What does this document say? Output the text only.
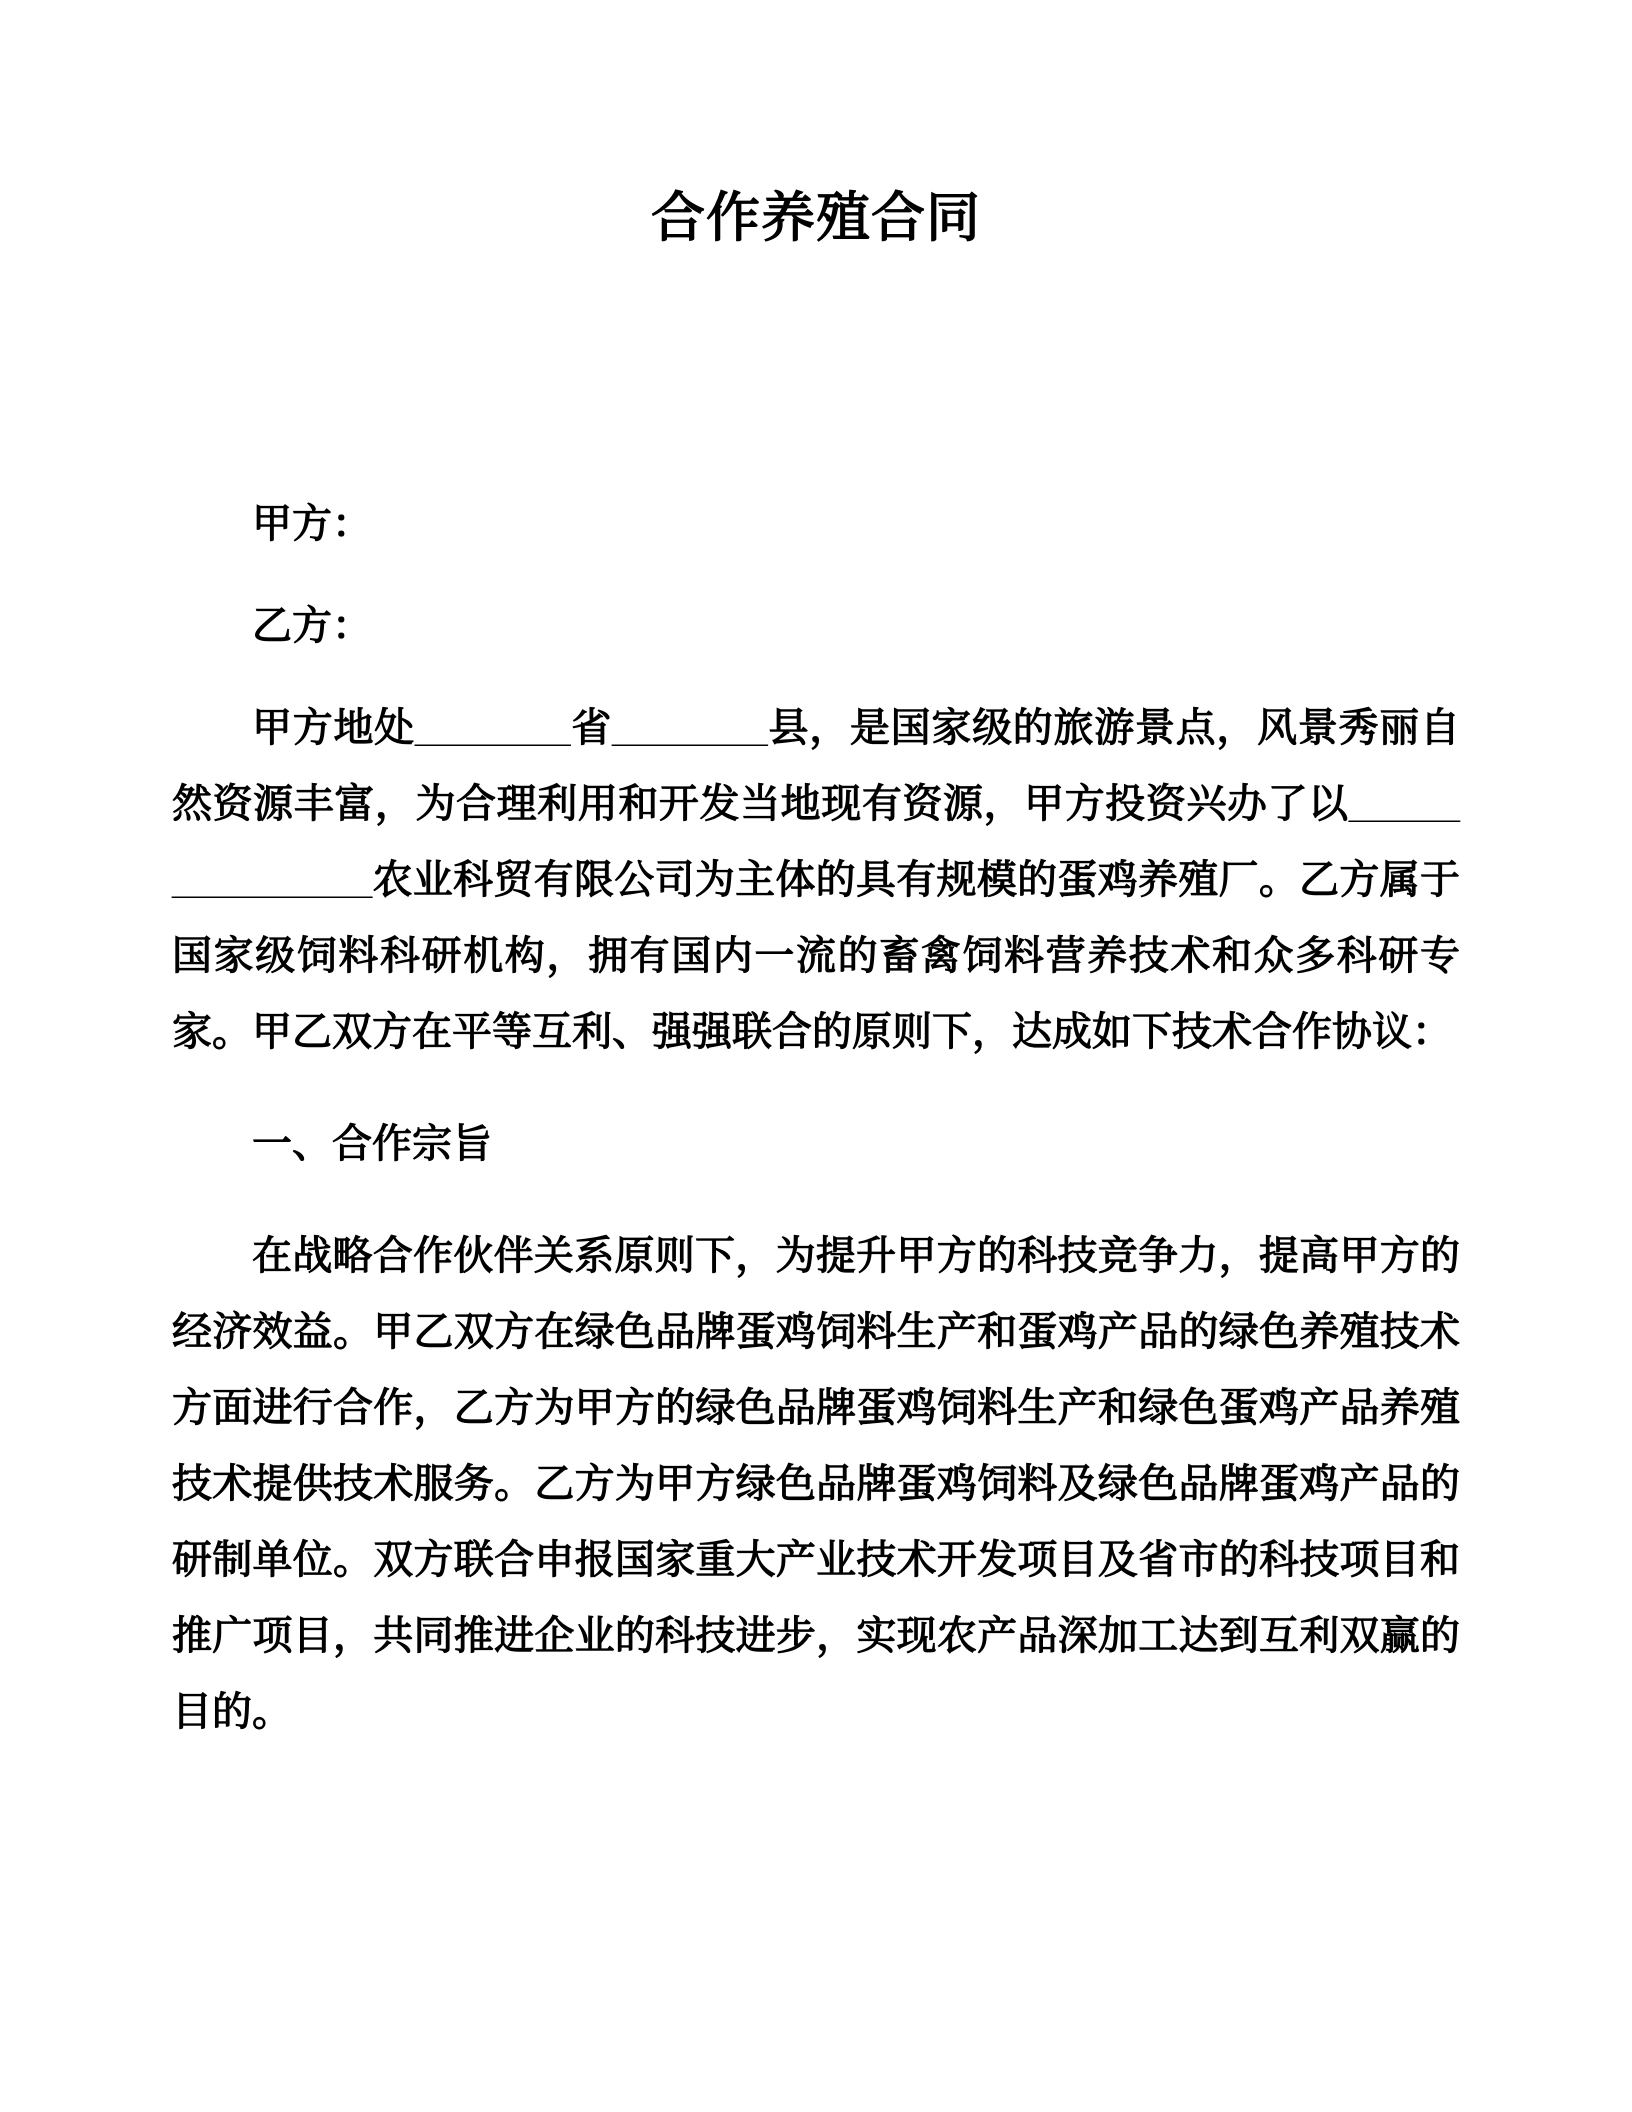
合作养殖合同

甲方：

乙方：

甲方地处_______省_______县，是国家级的旅游景点，风景秀丽自然资源丰富，为合理利用和开发当地现有资源，甲方投资兴办了以______________农业科贸有限公司为主体的具有规模的蛋鸡养殖厂。乙方属于国家级饲料科研机构，拥有国内一流的畜禽饲料营养技术和众多科研专家。甲乙双方在平等互利、强强联合的原则下，达成如下技术合作协议：

一、合作宗旨

在战略合作伙伴关系原则下，为提升甲方的科技竞争力，提高甲方的经济效益。甲乙双方在绿色品牌蛋鸡饲料生产和蛋鸡产品的绿色养殖技术方面进行合作，乙方为甲方的绿色品牌蛋鸡饲料生产和绿色蛋鸡产品养殖技术提供技术服务。乙方为甲方绿色品牌蛋鸡饲料及绿色品牌蛋鸡产品的研制单位。双方联合申报国家重大产业技术开发项目及省市的科技项目和推广项目，共同推进企业的科技进步，实现农产品深加工达到互利双赢的目的。
